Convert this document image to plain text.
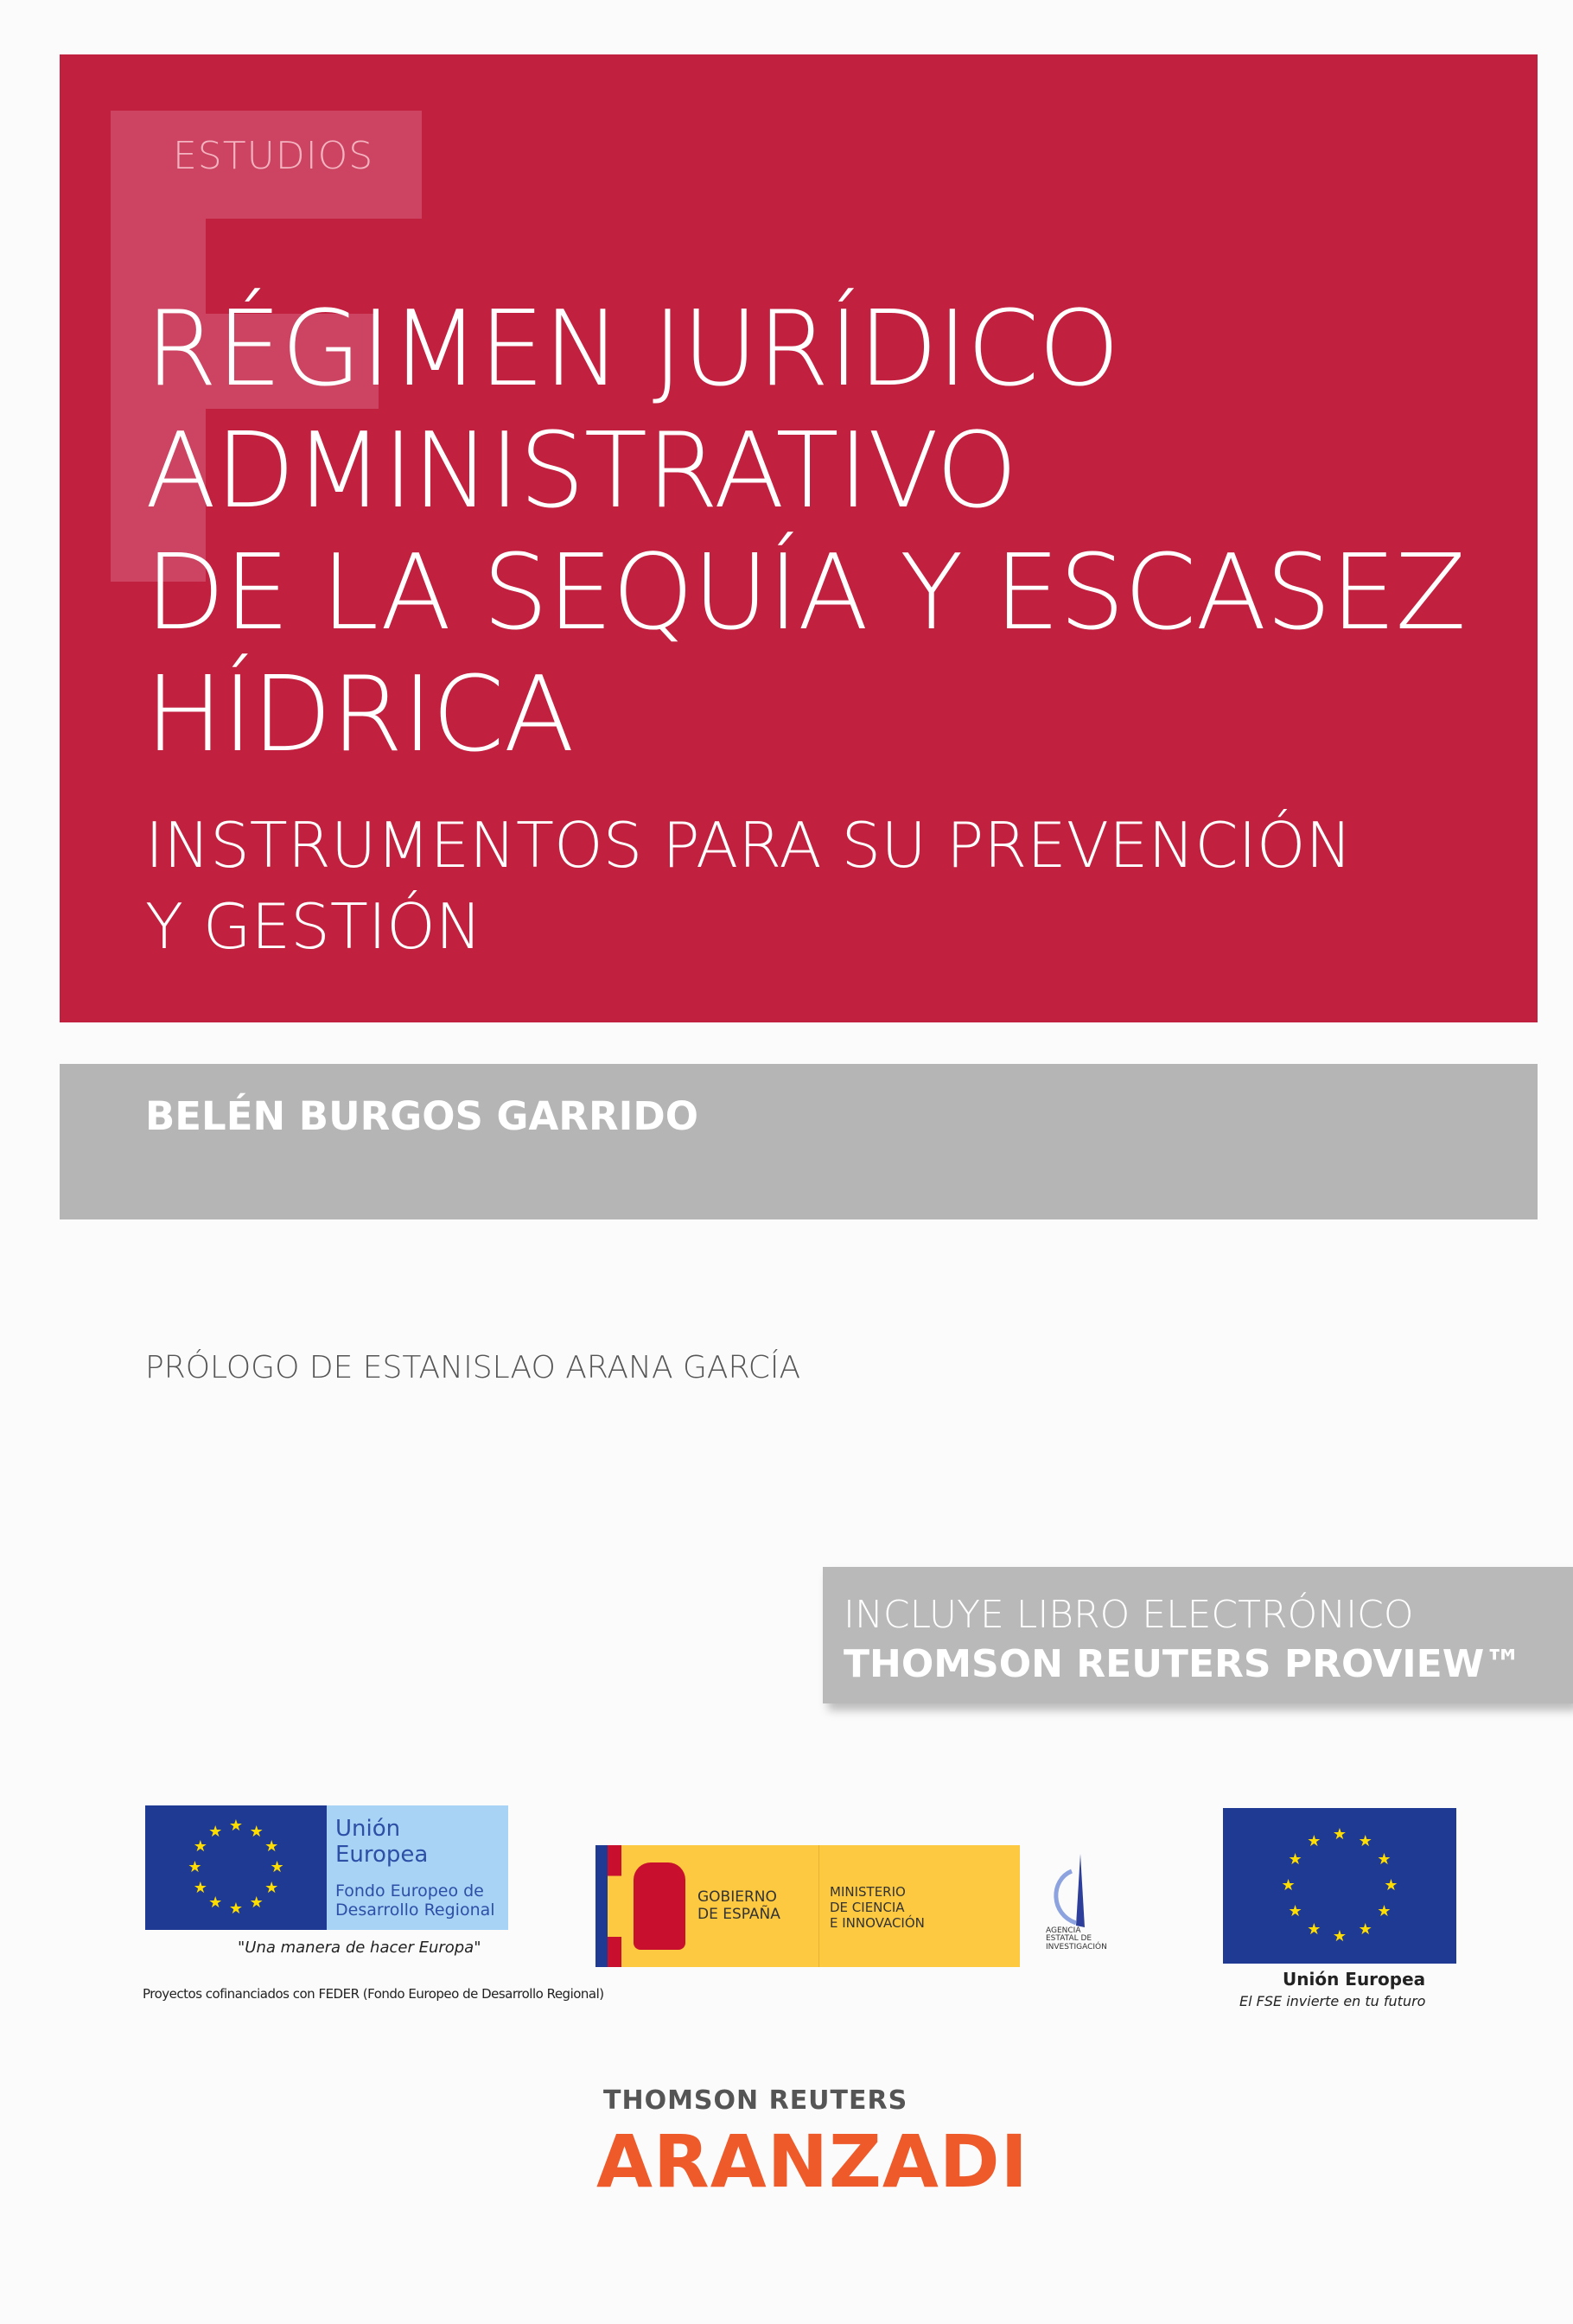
ESTUDIOS
RÉGIMEN JURÍDICO
ADMINISTRATIVO
DE LA SEQUÍA Y ESCASEZ
HÍDRICA
INSTRUMENTOS PARA SU PREVENCIÓN
Y GESTIÓN
BELÉN BURGOS GARRIDO
PRÓLOGO DE ESTANISLAO ARANA GARCÍA
INCLUYE LIBRO ELECTRÓNICO
THOMSON REUTERS PROVIEW™
★ ★
★
★
★
★
★
★
★
★
★
★	Unión Europea
Fondo Europeo de
Desarrollo Regional
"Una manera de hacer Europa"
Proyectos cofinanciados con FEDER (Fondo Europeo de Desarrollo Regional)
GOBIERNO
DE ESPAÑA
MINISTERIO
DE CIENCIA
E INNOVACIÓN	AGENCIA
ESTATAL DE
INVESTIGACIÓN
★ ★
★
★
★
★
★
★
★
★
★
★
Unión Europea
El FSE invierte en tu futuro
THOMSON REUTERS
ARANZADI
